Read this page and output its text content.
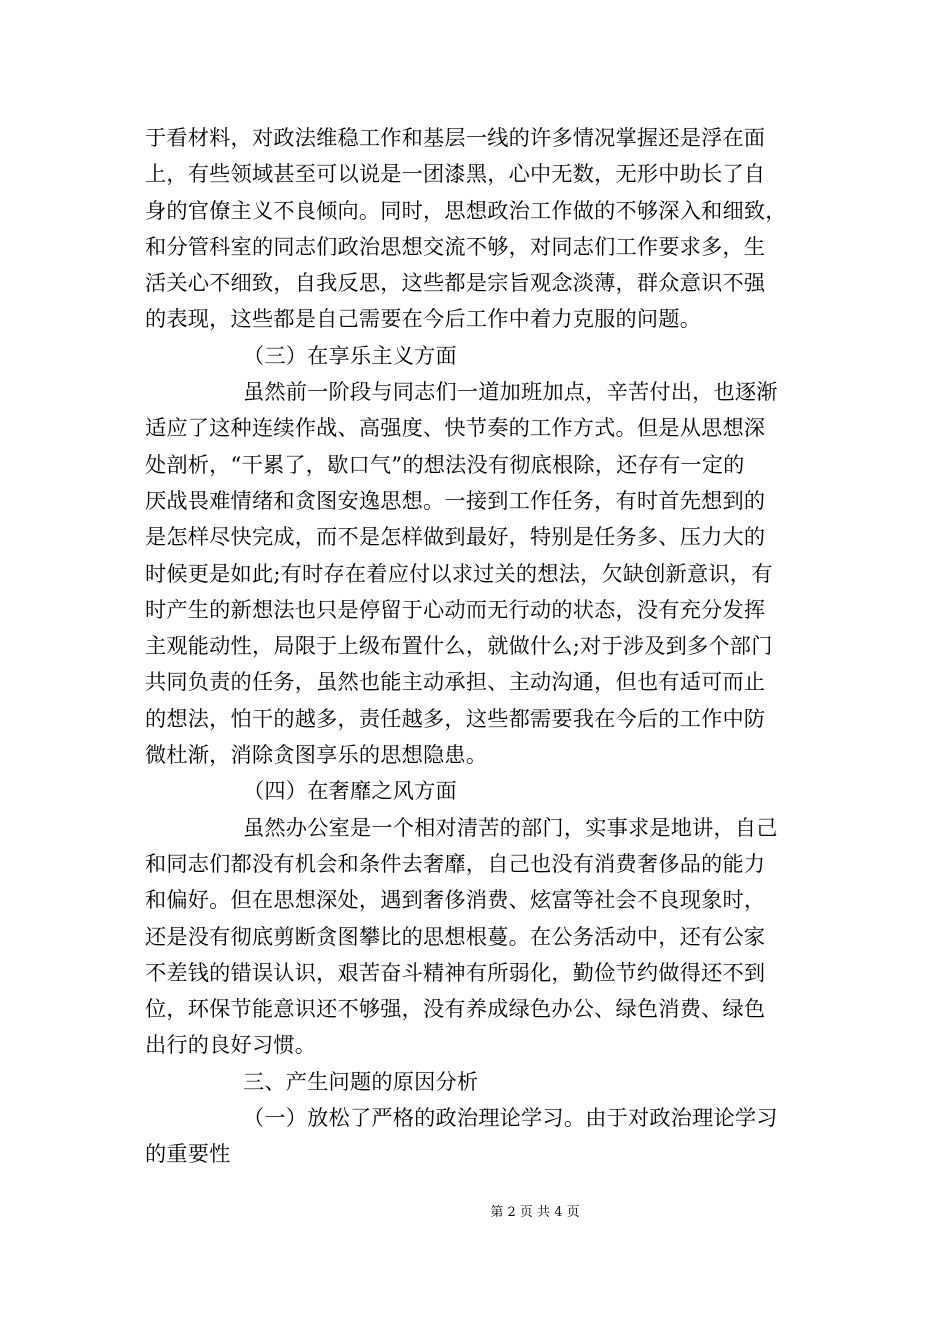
于看材料，对政法维稳工作和基层一线的许多情况掌握还是浮在面
上，有些领域甚至可以说是一团漆黑，心中无数，无形中助长了自
身的官僚主义不良倾向。同时，思想政治工作做的不够深入和细致，
和分管科室的同志们政治思想交流不够，对同志们工作要求多，生
活关心不细致，自我反思，这些都是宗旨观念淡薄，群众意识不强
的表现，这些都是自己需要在今后工作中着力克服的问题。
（三）在享乐主义方面
虽然前一阶段与同志们一道加班加点，辛苦付出，也逐渐
适应了这种连续作战、高强度、快节奏的工作方式。但是从思想深
处剖析，“干累了，歇口气”的想法没有彻底根除，还存有一定的
厌战畏难情绪和贪图安逸思想。一接到工作任务，有时首先想到的
是怎样尽快完成，而不是怎样做到最好，特别是任务多、压力大的
时候更是如此;有时存在着应付以求过关的想法，欠缺创新意识，有
时产生的新想法也只是停留于心动而无行动的状态，没有充分发挥
主观能动性，局限于上级布置什么，就做什么;对于涉及到多个部门
共同负责的任务，虽然也能主动承担、主动沟通，但也有适可而止
的想法，怕干的越多，责任越多，这些都需要我在今后的工作中防
微杜渐，消除贪图享乐的思想隐患。
（四）在奢靡之风方面
虽然办公室是一个相对清苦的部门，实事求是地讲，自己
和同志们都没有机会和条件去奢靡，自己也没有消费奢侈品的能力
和偏好。但在思想深处，遇到奢侈消费、炫富等社会不良现象时，
还是没有彻底剪断贪图攀比的思想根蔓。在公务活动中，还有公家
不差钱的错误认识，艰苦奋斗精神有所弱化，勤俭节约做得还不到
位，环保节能意识还不够强，没有养成绿色办公、绿色消费、绿色
出行的良好习惯。
三、产生问题的原因分析
（一）放松了严格的政治理论学习。由于对政治理论学习
的重要性
第 2 页 共 4 页
